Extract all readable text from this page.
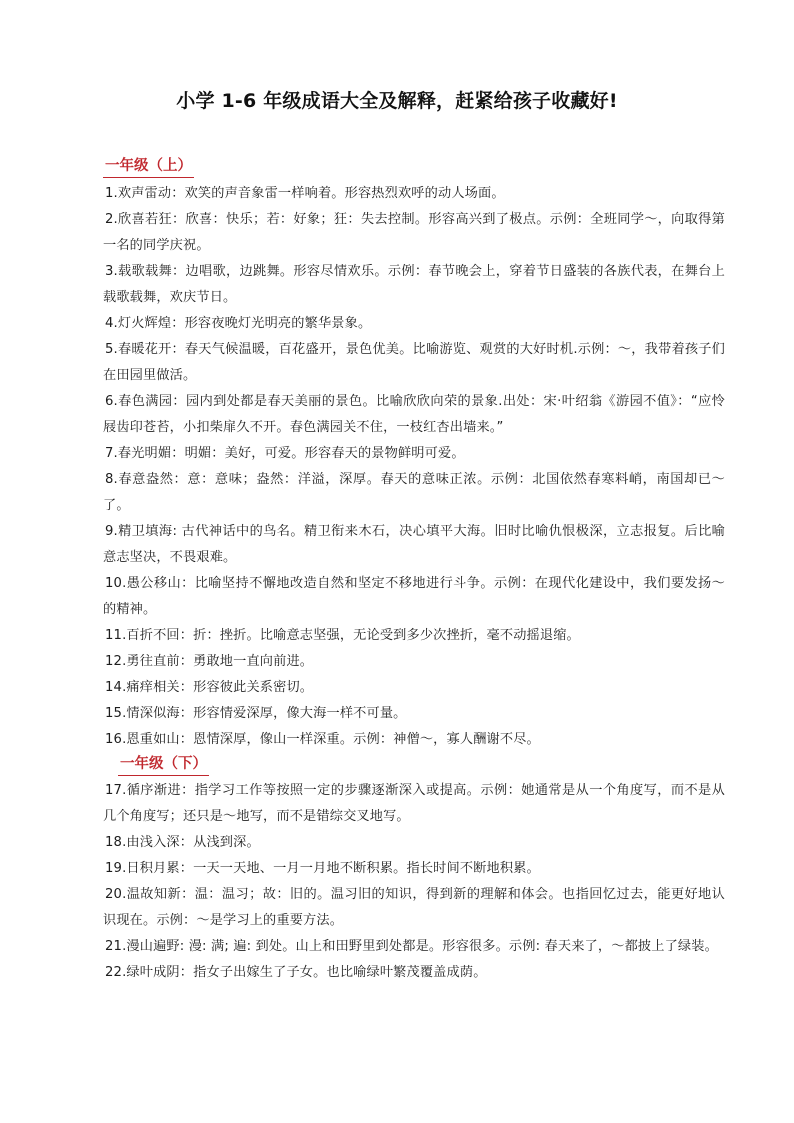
小学 1-6 年级成语大全及解释，赶紧给孩子收藏好!
一年级（上）
1.欢声雷动：欢笑的声音象雷一样响着。形容热烈欢呼的动人场面。
2.欣喜若狂：欣喜：快乐；若：好象；狂：失去控制。形容高兴到了极点。示例：全班同学～，向取得第一名的同学庆祝。
3.载歌载舞：边唱歌，边跳舞。形容尽情欢乐。示例：春节晚会上，穿着节日盛装的各族代表，在舞台上载歌载舞，欢庆节日。
4.灯火辉煌：形容夜晚灯光明亮的繁华景象。
5.春暖花开：春天气候温暖，百花盛开，景色优美。比喻游览、观赏的大好时机.示例：～，我带着孩子们在田园里做活。
6.春色满园：园内到处都是春天美丽的景色。比喻欣欣向荣的景象.出处：宋·叶绍翁《游园不值》：“应怜屐齿印苍苔，小扣柴扉久不开。春色满园关不住，一枝红杏出墙来。”
7.春光明媚：明媚：美好，可爱。形容春天的景物鲜明可爱。
8.春意盎然：意：意味；盎然：洋溢，深厚。春天的意味正浓。示例：北国依然春寒料峭，南国却已～了。
9.精卫填海: 古代神话中的鸟名。精卫衔来木石，决心填平大海。旧时比喻仇恨极深，立志报复。后比喻意志坚决，不畏艰难。
10.愚公移山：比喻坚持不懈地改造自然和坚定不移地进行斗争。示例：在现代化建设中，我们要发扬～的精神。
11.百折不回：折：挫折。比喻意志坚强，无论受到多少次挫折，毫不动摇退缩。
12.勇往直前：勇敢地一直向前进。
14.痛痒相关：形容彼此关系密切。
15.情深似海：形容情爱深厚，像大海一样不可量。
16.恩重如山：恩情深厚，像山一样深重。示例：神僧～，寡人酬谢不尽。
一年级（下）
17.循序渐进：指学习工作等按照一定的步骤逐渐深入或提高。示例：她通常是从一个角度写，而不是从几个角度写；还只是～地写，而不是错综交叉地写。
18.由浅入深：从浅到深。
19.日积月累：一天一天地、一月一月地不断积累。指长时间不断地积累。
20.温故知新：温：温习；故：旧的。温习旧的知识，得到新的理解和体会。也指回忆过去，能更好地认识现在。示例：～是学习上的重要方法。
21.漫山遍野: 漫: 满; 遍: 到处。山上和田野里到处都是。形容很多。示例: 春天来了，～都披上了绿装。
22.绿叶成阴：指女子出嫁生了子女。也比喻绿叶繁茂覆盖成荫。
